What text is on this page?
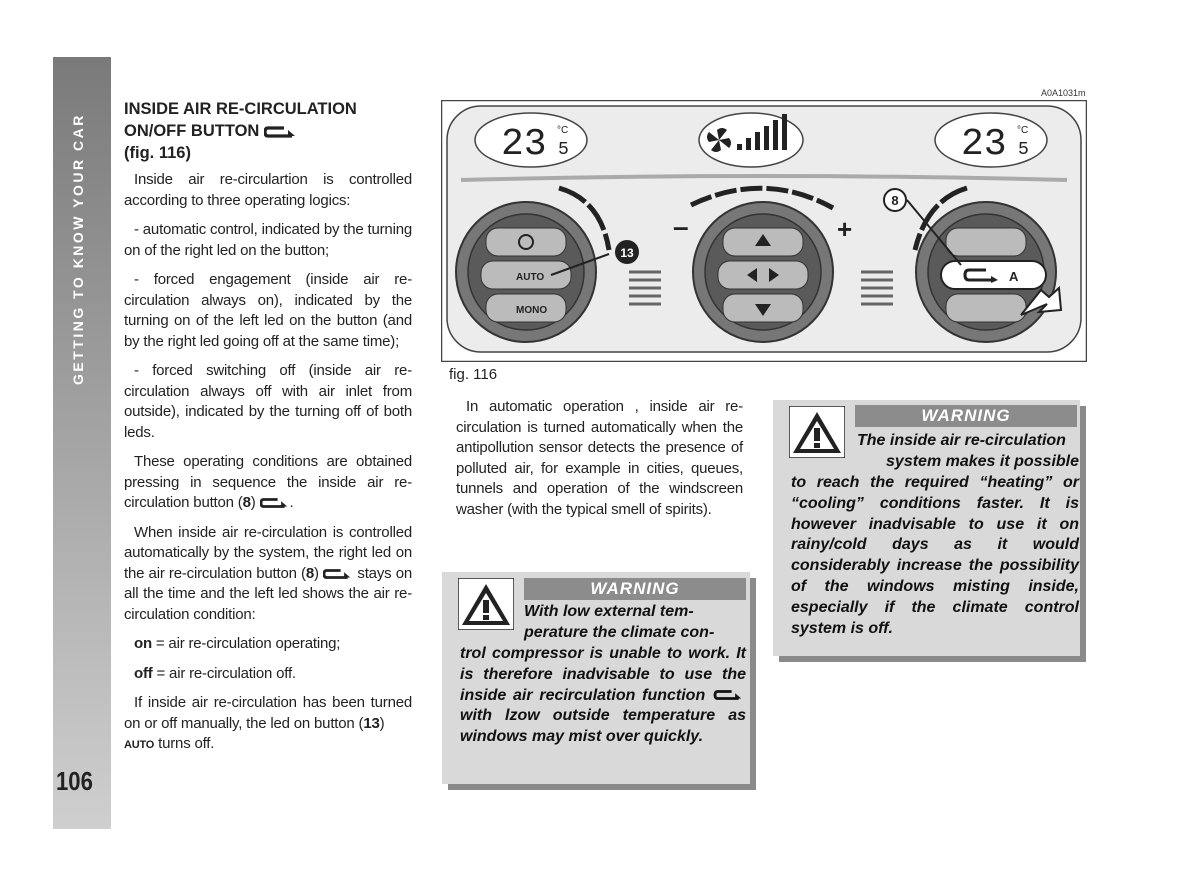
GETTING TO KNOW YOUR CAR
106
INSIDE AIR RE-CIRCULATION
ON/OFF BUTTON
(fig. 116)

Inside air re-circulartion is controlled according to three operating logics:

- automatic control, indicated by the turning on of the right led on the button;

- forced engagement (inside air re-circulation always on), indicated by the turning on of the left led on the button (and by the right led going off at the same time);

- forced switching off (inside air re-circulation always off with air inlet from outside), indicated by the turning off of both leds.

These operating conditions are obtained pressing in sequence the inside air re-circulation button (8) .

When inside air re-circulation is controlled automatically by the system, the right led on the air re-circulation button (8)	stays on all the time and the left led shows the air re-circulation condition:

on = air re-circulation operating;

off = air re-circulation off.

If inside air re-circulation has been turned on or off manually, the led on button (13)
AUTO turns off.

A0A1031m
23 5
°C	23 5
°C
AUTO
MONO
13
–	+
A
8
fig. 116

In automatic operation , inside air re-circulation is turned automatically when the antipollution sensor detects the presence of polluted air, for example in cities, queues, tunnels and operation of the windscreen washer (with the typical smell of spirits).

WARNING
With low external tem-
perature the climate con-
trol compressor is unable to work. It is therefore inadvisable to use the inside air recirculation function  with lzow outside temperature as windows may mist over quickly.
WARNING
The inside air re-circulation
system makes it possible
to reach the required “heating” or “cooling” conditions faster. It is however inadvisable to use it on rainy/cold days as it would considerably increase the possibility of the windows misting inside, especially if the climate control system is off.
